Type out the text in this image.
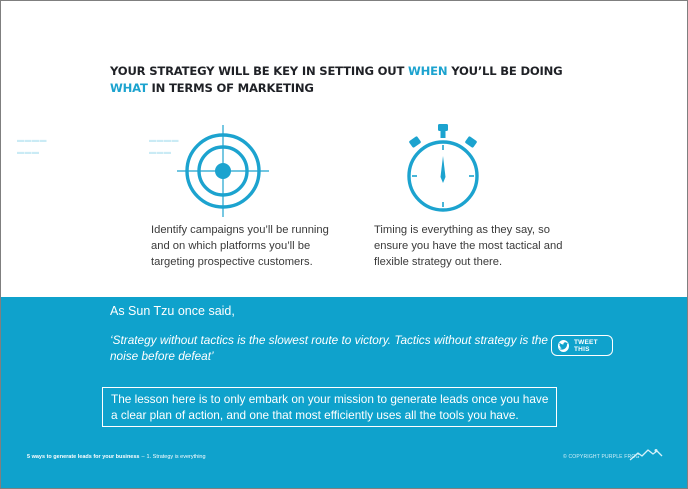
YOUR STRATEGY WILL BE KEY IN SETTING OUT WHEN YOU’LL BE DOING WHAT IN TERMS OF MARKETING
▬▬▬▬
▬▬▬
▬▬▬▬
▬▬▬

Identify campaigns you’ll be running and on which platforms you’ll be targeting prospective customers.

Timing is everything as they say, so ensure you have the most tactical and flexible strategy out there.

As Sun Tzu once said,

‘Strategy without tactics is the slowest route to victory. Tactics without strategy is the noise before defeat’

TWEET THIS

The lesson here is to only embark on your mission to generate leads once you have a clear plan of action, and one that most efficiently uses all the tools you have.

5 ways to generate leads for your business – 1. Strategy is everything	© COPYRIGHT PURPLE FROG
